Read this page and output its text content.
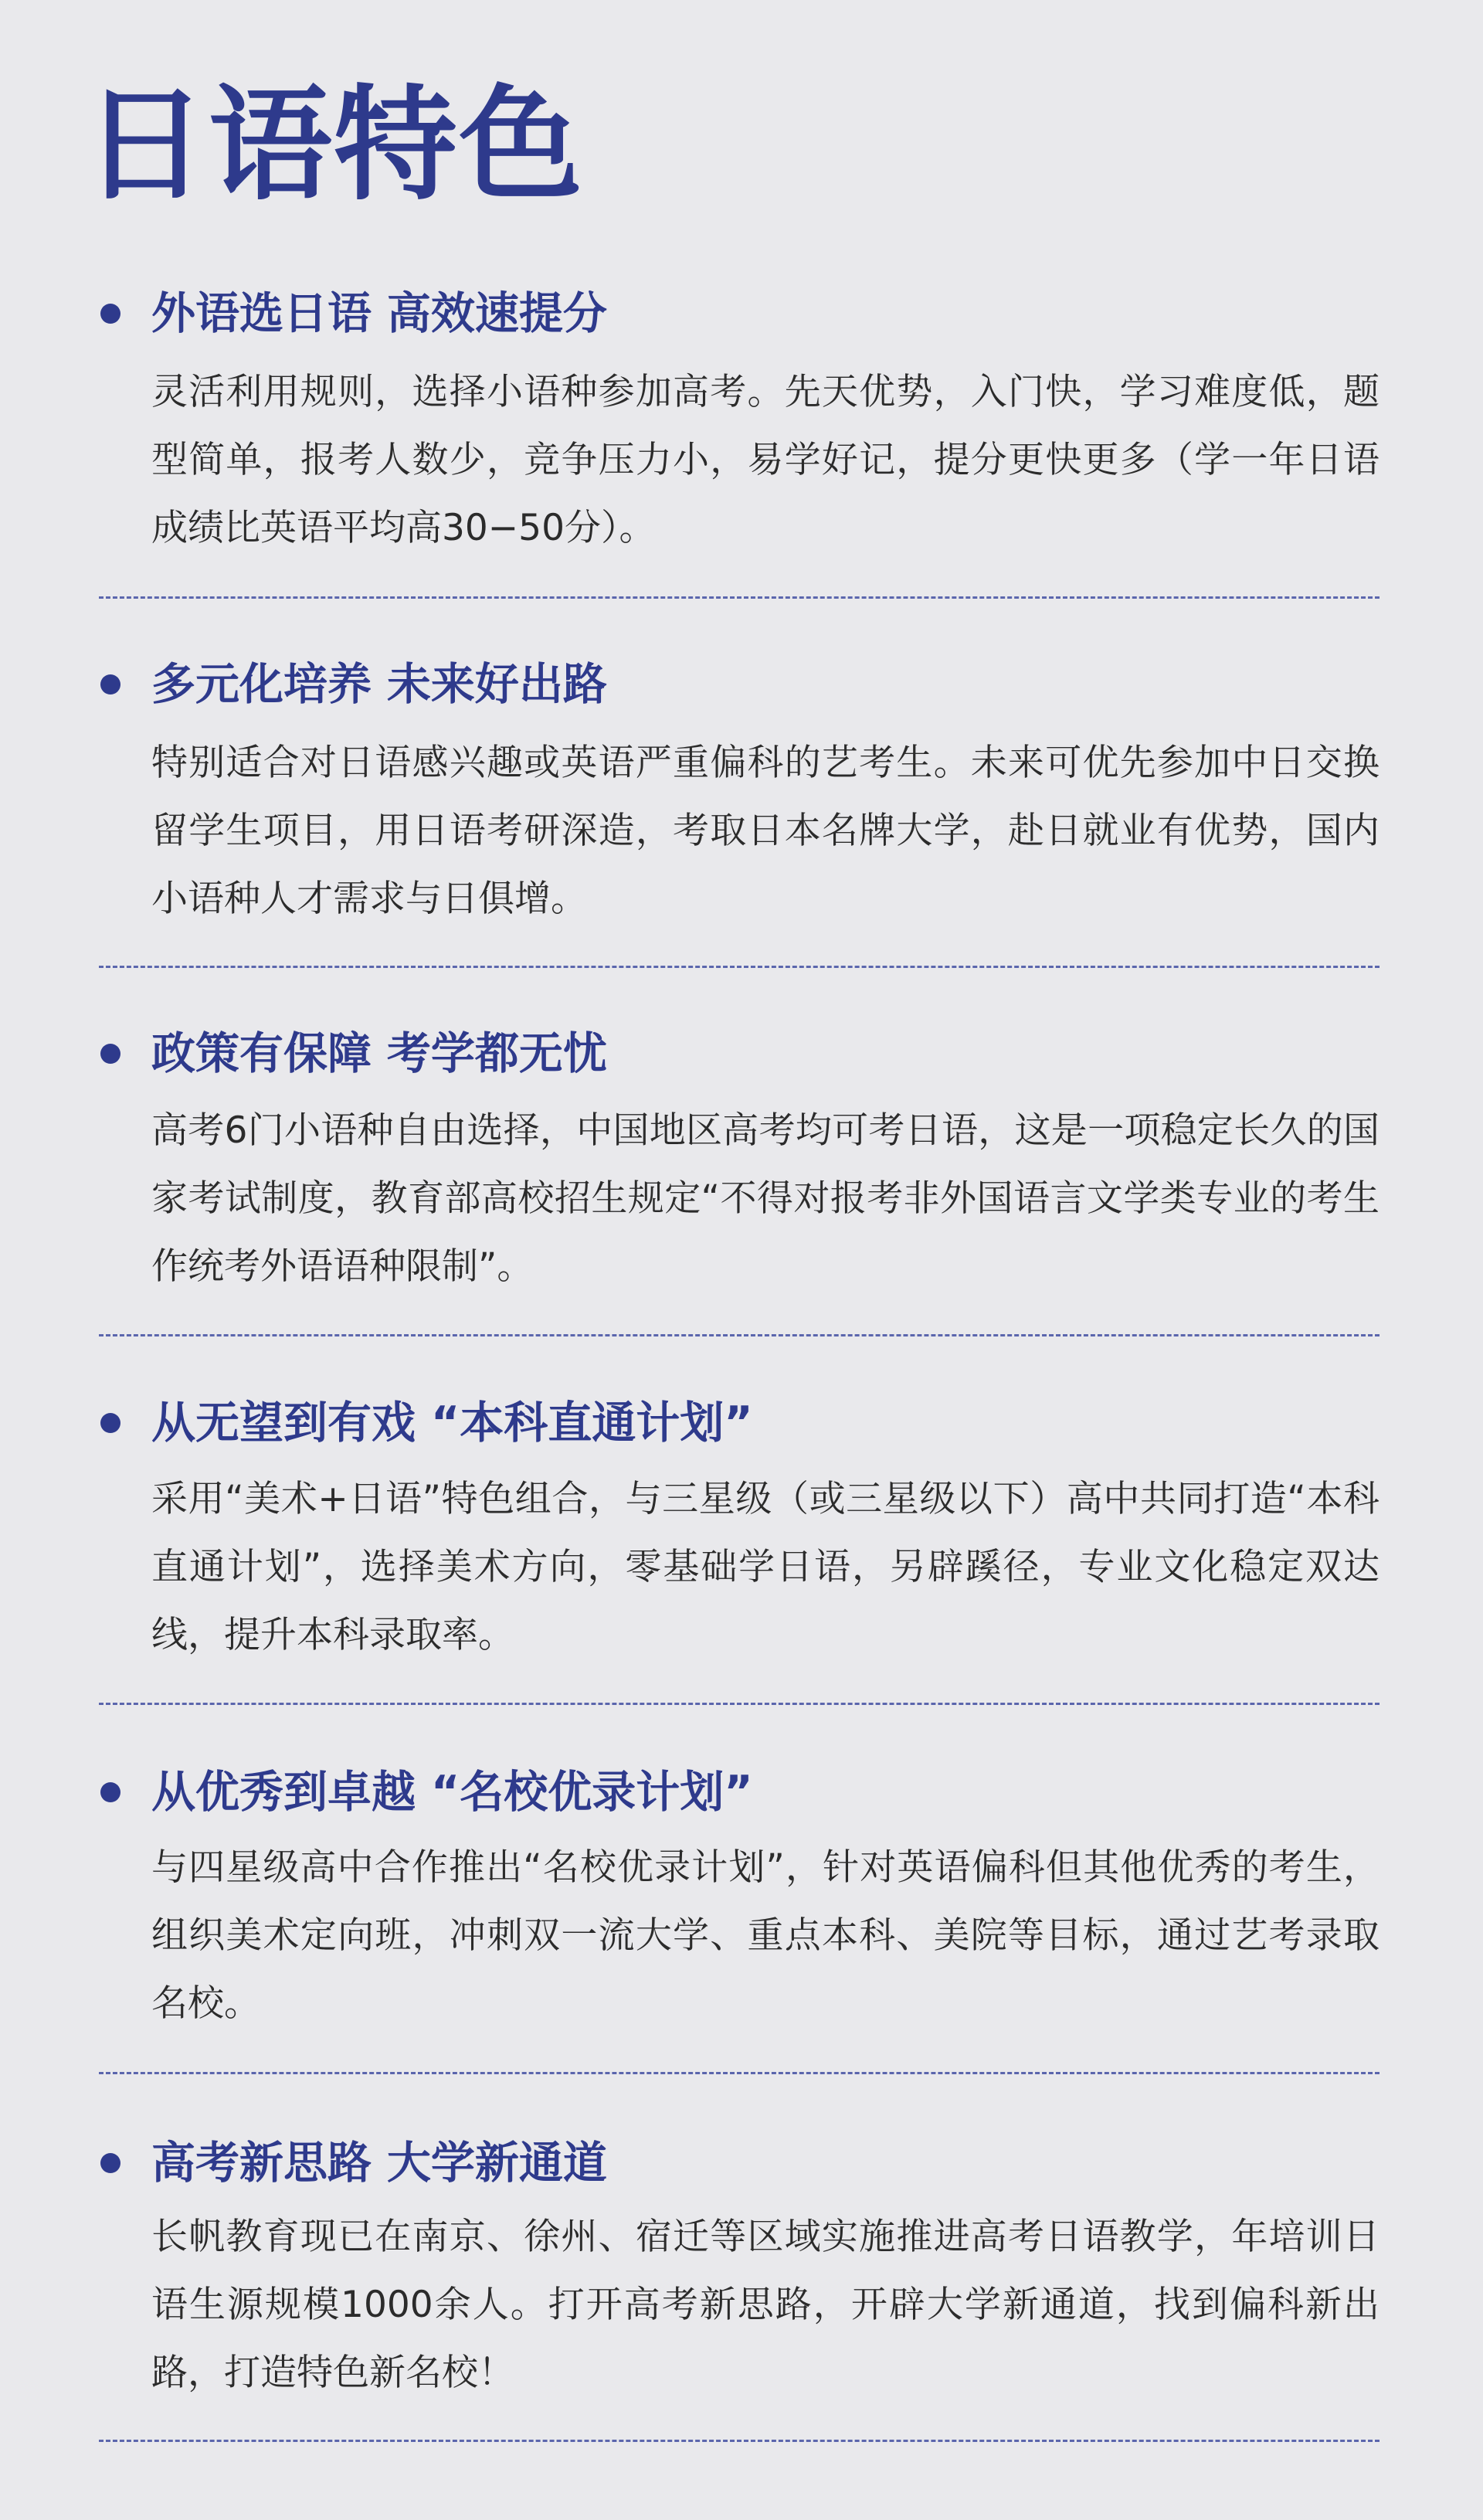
日语特色
外语选日语 高效速提分

灵活利用规则，选择小语种参加高考。先天优势，入门快，学习难度低，题型简单，报考人数少，竞争压力小，易学好记，提分更快更多（学一年日语成绩比英语平均高30−50分）。

多元化培养 未来好出路

特别适合对日语感兴趣或英语严重偏科的艺考生。未来可优先参加中日交换留学生项目，用日语考研深造，考取日本名牌大学，赴日就业有优势，国内小语种人才需求与日俱增。

政策有保障 考学都无忧

高考6门小语种自由选择，中国地区高考均可考日语，这是一项稳定长久的国家考试制度，教育部高校招生规定“不得对报考非外国语言文学类专业的考生作统考外语语种限制”。

从无望到有戏 “本科直通计划”

采用“美术+日语”特色组合，与三星级（或三星级以下）高中共同打造“本科直通计划”，选择美术方向，零基础学日语，另辟蹊径，专业文化稳定双达线，提升本科录取率。

从优秀到卓越 “名校优录计划”

与四星级高中合作推出“名校优录计划”，针对英语偏科但其他优秀的考生，组织美术定向班，冲刺双一流大学、重点本科、美院等目标，通过艺考录取名校。

高考新思路 大学新通道

长帆教育现已在南京、徐州、宿迁等区域实施推进高考日语教学，年培训日语生源规模1000余人。打开高考新思路，开辟大学新通道，找到偏科新出路，打造特色新名校！
